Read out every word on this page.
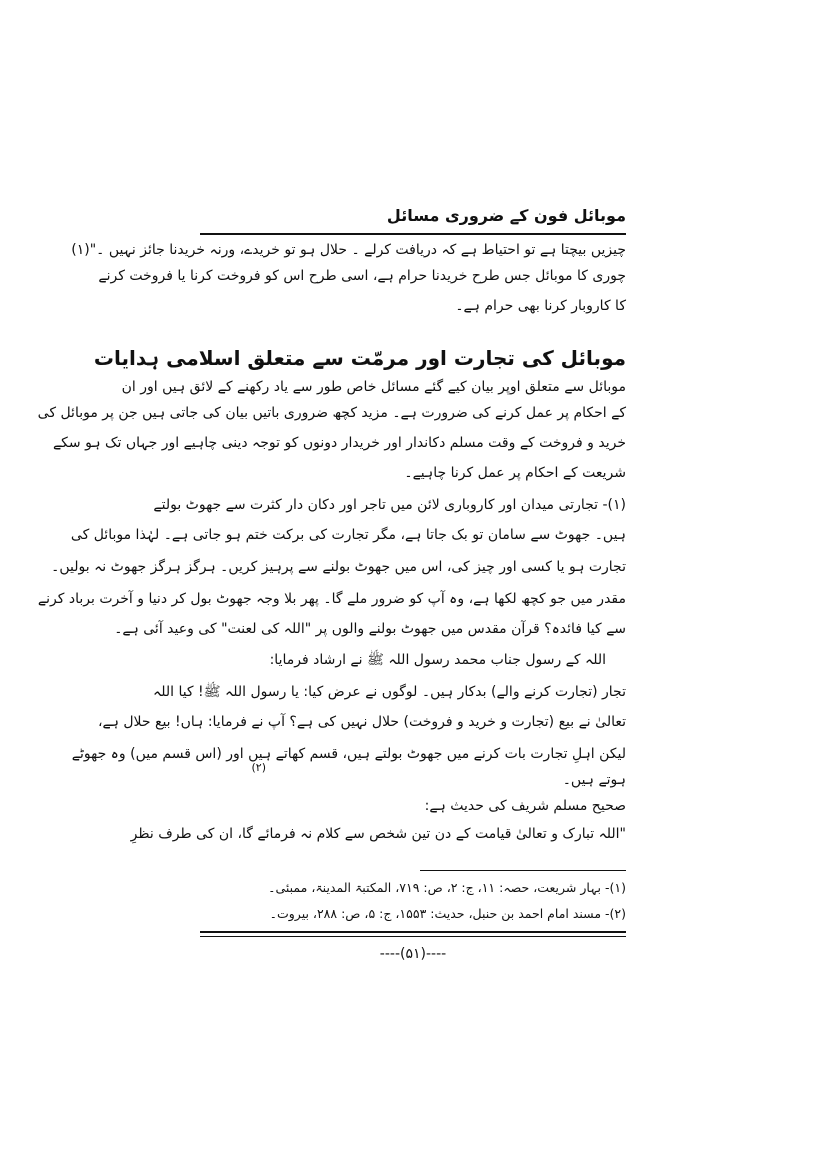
موبائل فون کے ضروری مسائل
چیزیں بیچتا ہے تو احتیاط ہے کہ دریافت کرلے ۔ حلال ہو تو خریدے، ورنہ خریدنا جائز نہیں ۔"(۱)
چوری کا موبائل جس طرح خریدنا حرام ہے، اسی طرح اس کو فروخت کرنا یا فروخت کرنے
کا کاروبار کرنا بھی حرام ہے۔
موبائل کی تجارت اور مرمّت سے متعلق اسلامی ہدایات
موبائل سے متعلق اوپر بیان کیے گئے مسائل خاص طور سے یاد رکھنے کے لائق ہیں اور ان
کے احکام پر عمل کرنے کی ضرورت ہے۔ مزید کچھ ضروری باتیں بیان کی جاتی ہیں جن پر موبائل کی
خرید و فروخت کے وقت مسلم دکاندار اور خریدار دونوں کو توجہ دینی چاہیے اور جہاں تک ہو سکے
شریعت کے احکام پر عمل کرنا چاہیے۔
(۱)- تجارتی میدان اور کاروباری لائن میں تاجر اور دکان دار کثرت سے جھوٹ بولتے
ہیں۔ جھوٹ سے سامان تو بک جاتا ہے، مگر تجارت کی برکت ختم ہو جاتی ہے۔ لہٰذا موبائل کی
تجارت ہو یا کسی اور چیز کی، اس میں جھوٹ بولنے سے پرہیز کریں۔ ہرگز ہرگز جھوٹ نہ بولیں۔
مقدر میں جو کچھ لکھا ہے، وہ آپ کو ضرور ملے گا۔ پھر بلا وجہ جھوٹ بول کر دنیا و آخرت برباد کرنے
سے کیا فائدہ؟ قرآن مقدس میں جھوٹ بولنے والوں پر "اللہ کی لعنت" کی وعید آئی ہے۔
اللہ کے رسول جناب محمد رسول اللہ ﷺ نے ارشاد فرمایا:
تجار (تجارت کرنے والے) بدکار ہیں۔ لوگوں نے عرض کیا: یا رسول اللہ ﷺ! کیا اللہ
تعالیٰ نے بیع (تجارت و خرید و فروخت) حلال نہیں کی ہے؟ آپ نے فرمایا: ہاں! بیع حلال ہے،
لیکن اہلِ تجارت بات کرنے میں جھوٹ بولتے ہیں، قسم کھاتے ہیں اور (اس قسم میں) وہ جھوٹے
ہوتے ہیں۔
(۲)
صحیح مسلم شریف کی حدیث ہے:
"اللہ تبارک و تعالیٰ قیامت کے دن تین شخص سے کلام نہ فرمائے گا، ان کی طرف نظرِ
(۱)- بہار شریعت، حصہ: ۱۱، ج: ۲، ص: ۷۱۹، المکتبۃ المدینۃ، ممبئی۔
(۲)- مسند امام احمد بن حنبل، حدیث: ۱۵۵۳، ج: ۵، ص: ۲۸۸، بیروت۔
----(۵۱)----
